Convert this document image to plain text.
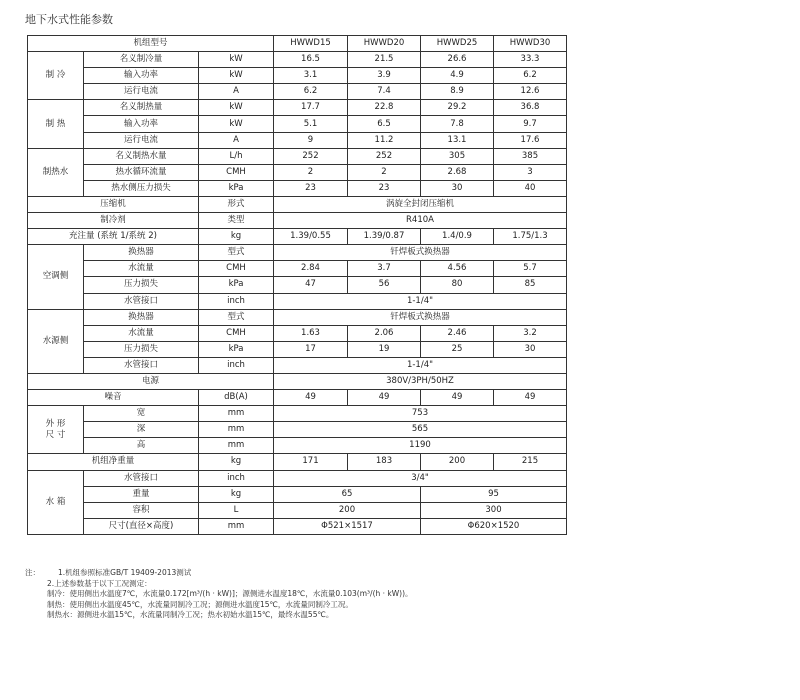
地下水式性能参数
机组型号			HWWD15	HWWD20	HWWD25	HWWD30
制 冷	名义制冷量	kW	16.5	21.5	26.6	33.3
	输入功率	kW	3.1	3.9	4.9	6.2
	运行电流	A	6.2	7.4	8.9	12.6
制 热	名义制热量	kW	17.7	22.8	29.2	36.8
	输入功率	kW	5.1	6.5	7.8	9.7
	运行电流	A	9	11.2	13.1	17.6
制热水	名义制热水量	L/h	252	252	305	385
	热水循环流量	CMH	2	2	2.68	3
	热水侧压力损失	kPa	23	23	30	40
压缩机		形式	涡旋全封闭压缩机			
制冷剂		类型	R410A			
充注量 (系统 1/系统 2)		kg	1.39/0.55	1.39/0.87	1.4/0.9	1.75/1.3
空调侧	换热器	型式	钎焊板式换热器			
	水流量	CMH	2.84	3.7	4.56	5.7
	压力损失	kPa	47	56	80	85
	水管接口	inch	1-1/4"			
水源侧	换热器	型式	钎焊板式换热器			
	水流量	CMH	1.63	2.06	2.46	3.2
	压力损失	kPa	17	19	25	30
	水管接口	inch	1-1/4"			
电源			380V/3PH/50HZ			
噪音		dB(A)	49	49	49	49

外 形
尺 寸	宽	mm	753			
	深	mm	565			
	高	mm	1190			
机组净重量		kg	171	183	200	215
水 箱	水管接口	inch	3/4"			
	重量	kg	65		95	
	容积	L	200		300	
	尺寸(直径×高度)	mm	Φ521×1517		Φ620×1520	
注： 1.机组参照标准GB/T 19409-2013测试
2.上述参数基于以下工况测定：
制冷：使用侧出水温度7℃，水流量0.172[m³/(h · kW)]；源侧进水温度18℃，水流量0.103(m³/(h · kW))。
制热：使用侧出水温度45℃，水流量同制冷工况；源侧进水温度15℃，水流量同制冷工况。
制热水：源侧进水温15℃，水流量同制冷工况；热水初始水温15℃，最终水温55℃。
